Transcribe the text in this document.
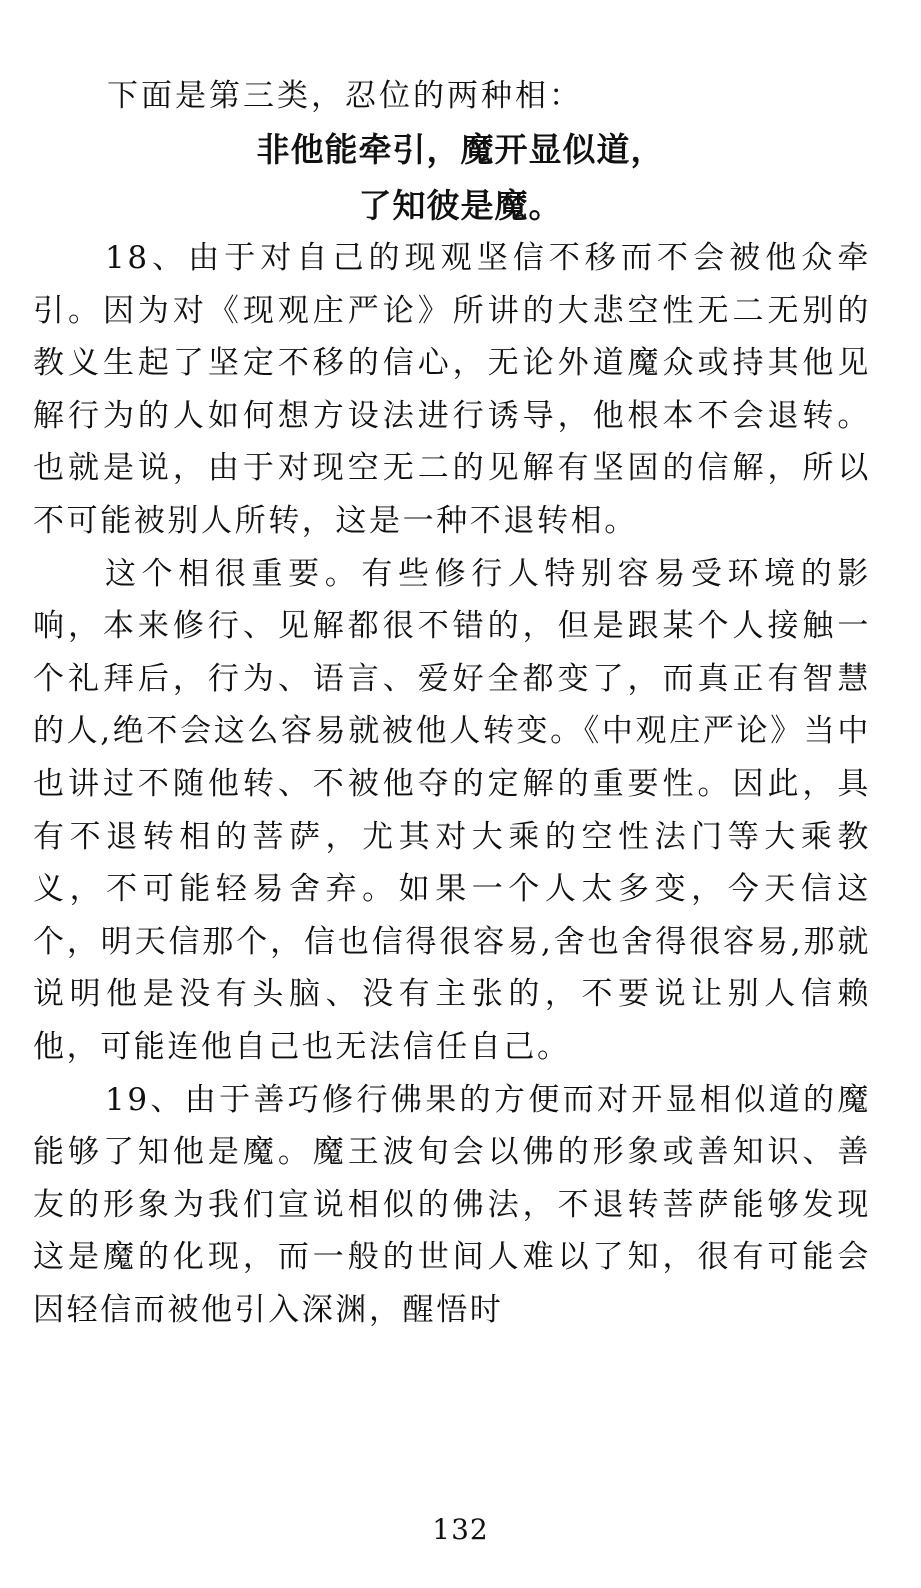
下面是第三类，忍位的两种相：
非他能牵引，魔开显似道，
了知彼是魔。

18、由于对自己的现观坚信不移而不会被他众牵引。因为对《现观庄严论》所讲的大悲空性无二无别的教义生起了坚定不移的信心，无论外道魔众或持其他见解行为的人如何想方设法进行诱导，他根本不会退转。也就是说，由于对现空无二的见解有坚固的信解，所以不可能被别人所转，这是一种不退转相。

这个相很重要。有些修行人特别容易受环境的影响，本来修行、见解都很不错的，但是跟某个人接触一个礼拜后，行为、语言、爱好全都变了，而真正有智慧的人,绝不会这么容易就被他人转变。《中观庄严论》当中也讲过不随他转、不被他夺的定解的重要性。因此，具有不退转相的菩萨，尤其对大乘的空性法门等大乘教义，不可能轻易舍弃。如果一个人太多变，今天信这个，明天信那个，信也信得很容易,舍也舍得很容易,那就说明他是没有头脑、没有主张的，不要说让别人信赖他，可能连他自己也无法信任自己。

19、由于善巧修行佛果的方便而对开显相似道的魔能够了知他是魔。魔王波旬会以佛的形象或善知识、善友的形象为我们宣说相似的佛法，不退转菩萨能够发现这是魔的化现，而一般的世间人难以了知，很有可能会因轻信而被他引入深渊，醒悟时

132
